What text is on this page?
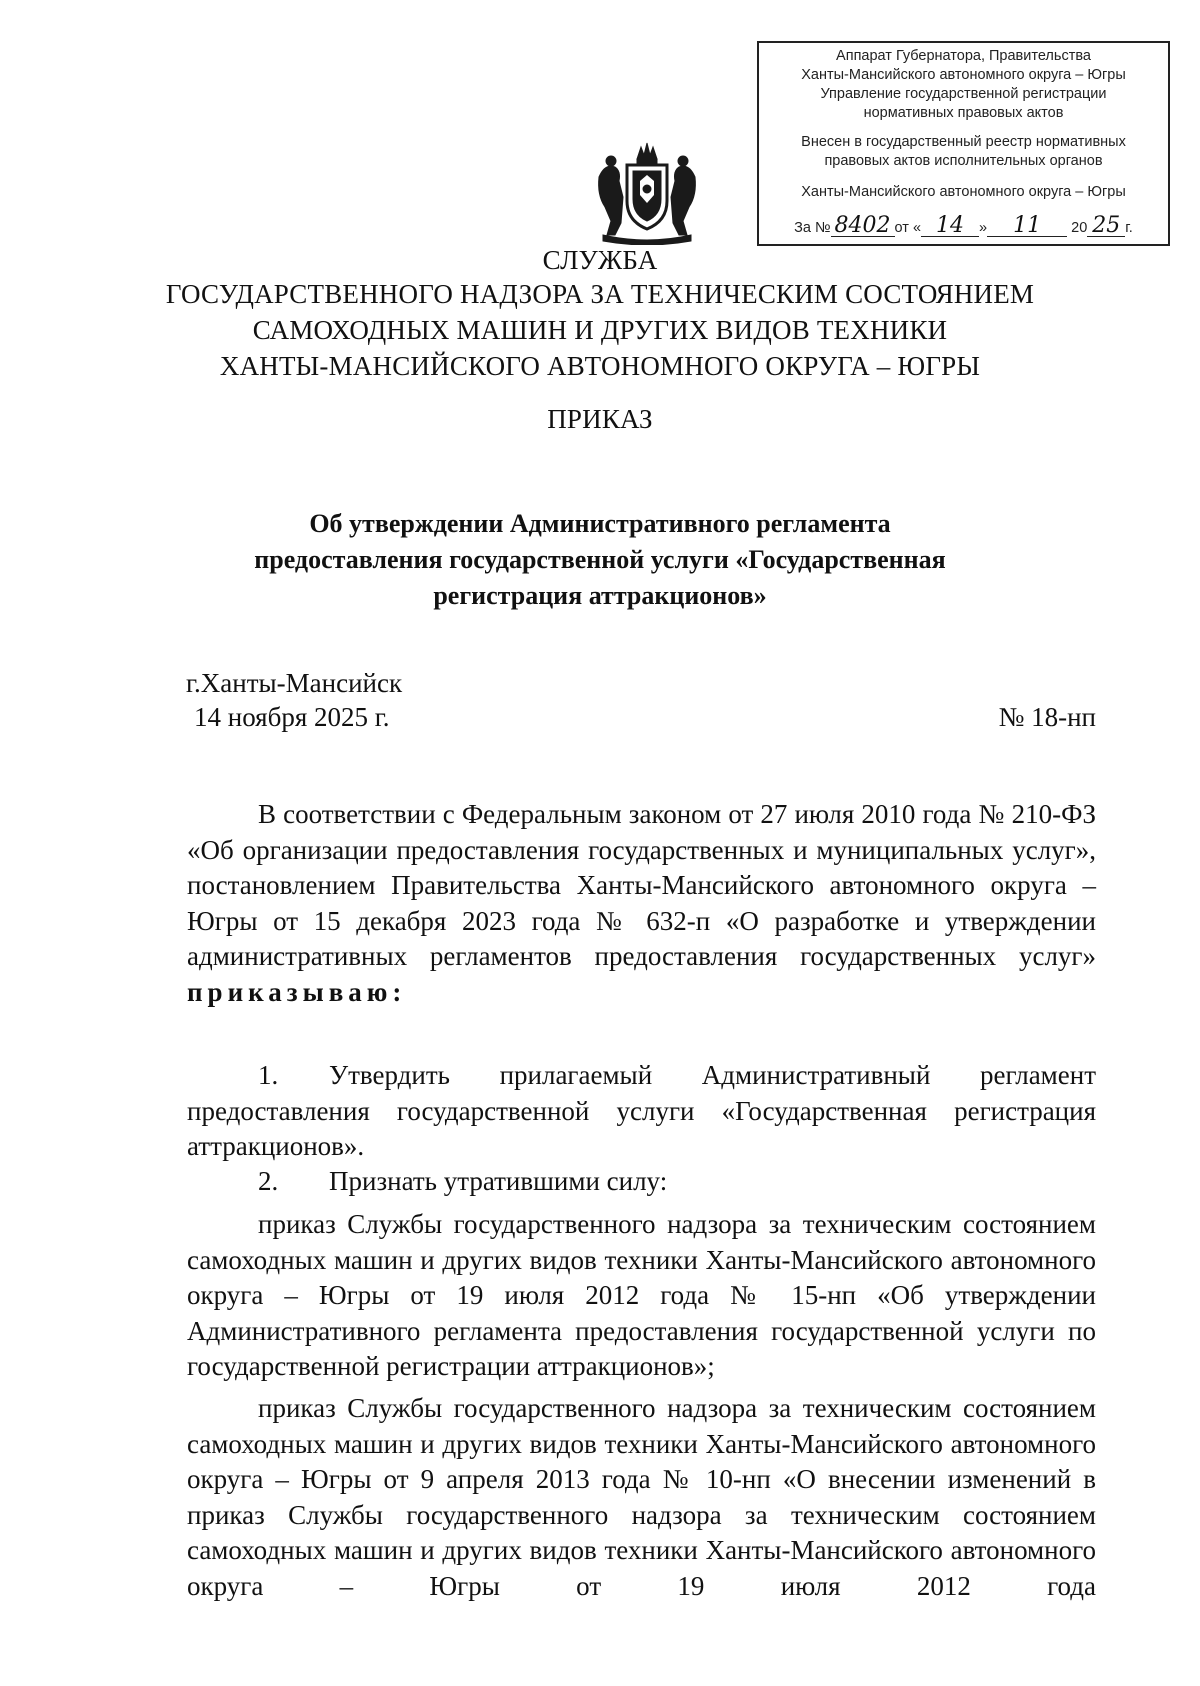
Аппарат Губернатора, Правительства
Ханты-Мансийского автономного округа – Югры
Управление государственной регистрации
нормативных правовых актов
Внесен в государственный реестр нормативных
правовых актов исполнительных органов
Ханты-Мансийского автономного округа – Югры
За № 8402 от « 14 » 11 20 25 г.
СЛУЖБА
ГОСУДАРСТВЕННОГО НАДЗОРА ЗА ТЕХНИЧЕСКИМ СОСТОЯНИЕМ
САМОХОДНЫХ МАШИН И ДРУГИХ ВИДОВ ТЕХНИКИ
ХАНТЫ-МАНСИЙСКОГО АВТОНОМНОГО ОКРУГА – ЮГРЫ
ПРИКАЗ
Об утверждении Административного регламента
предоставления государственной услуги «Государственная
регистрация аттракционов»
г.Ханты-Мансийск
14 ноября 2025 г.	№ 18-нп

В соответствии с Федеральным законом от 27 июля 2010 года № 210-ФЗ «Об организации предоставления государственных и муниципальных услуг», постановлением Правительства Ханты-Мансийского автономного округа – Югры от 15 декабря 2023 года № 632-п «О разработке и утверждении административных регламентов предоставления государственных услуг» приказываю:

1. Утвердить прилагаемый Административный регламент предоставления государственной услуги «Государственная регистрация аттракционов».

2. Признать утратившими силу:

приказ Службы государственного надзора за техническим состоянием самоходных машин и других видов техники Ханты-Мансийского автономного округа – Югры от 19 июля 2012 года № 15-нп «Об утверждении Административного регламента предоставления государственной услуги по государственной регистрации аттракционов»;

приказ Службы государственного надзора за техническим состоянием самоходных машин и других видов техники Ханты-Мансийского автономного округа – Югры от 9 апреля 2013 года № 10-нп «О внесении изменений в приказ Службы государственного надзора за техническим состоянием самоходных машин и других видов техники Ханты-Мансийского автономного округа – Югры от 19 июля 2012 года
